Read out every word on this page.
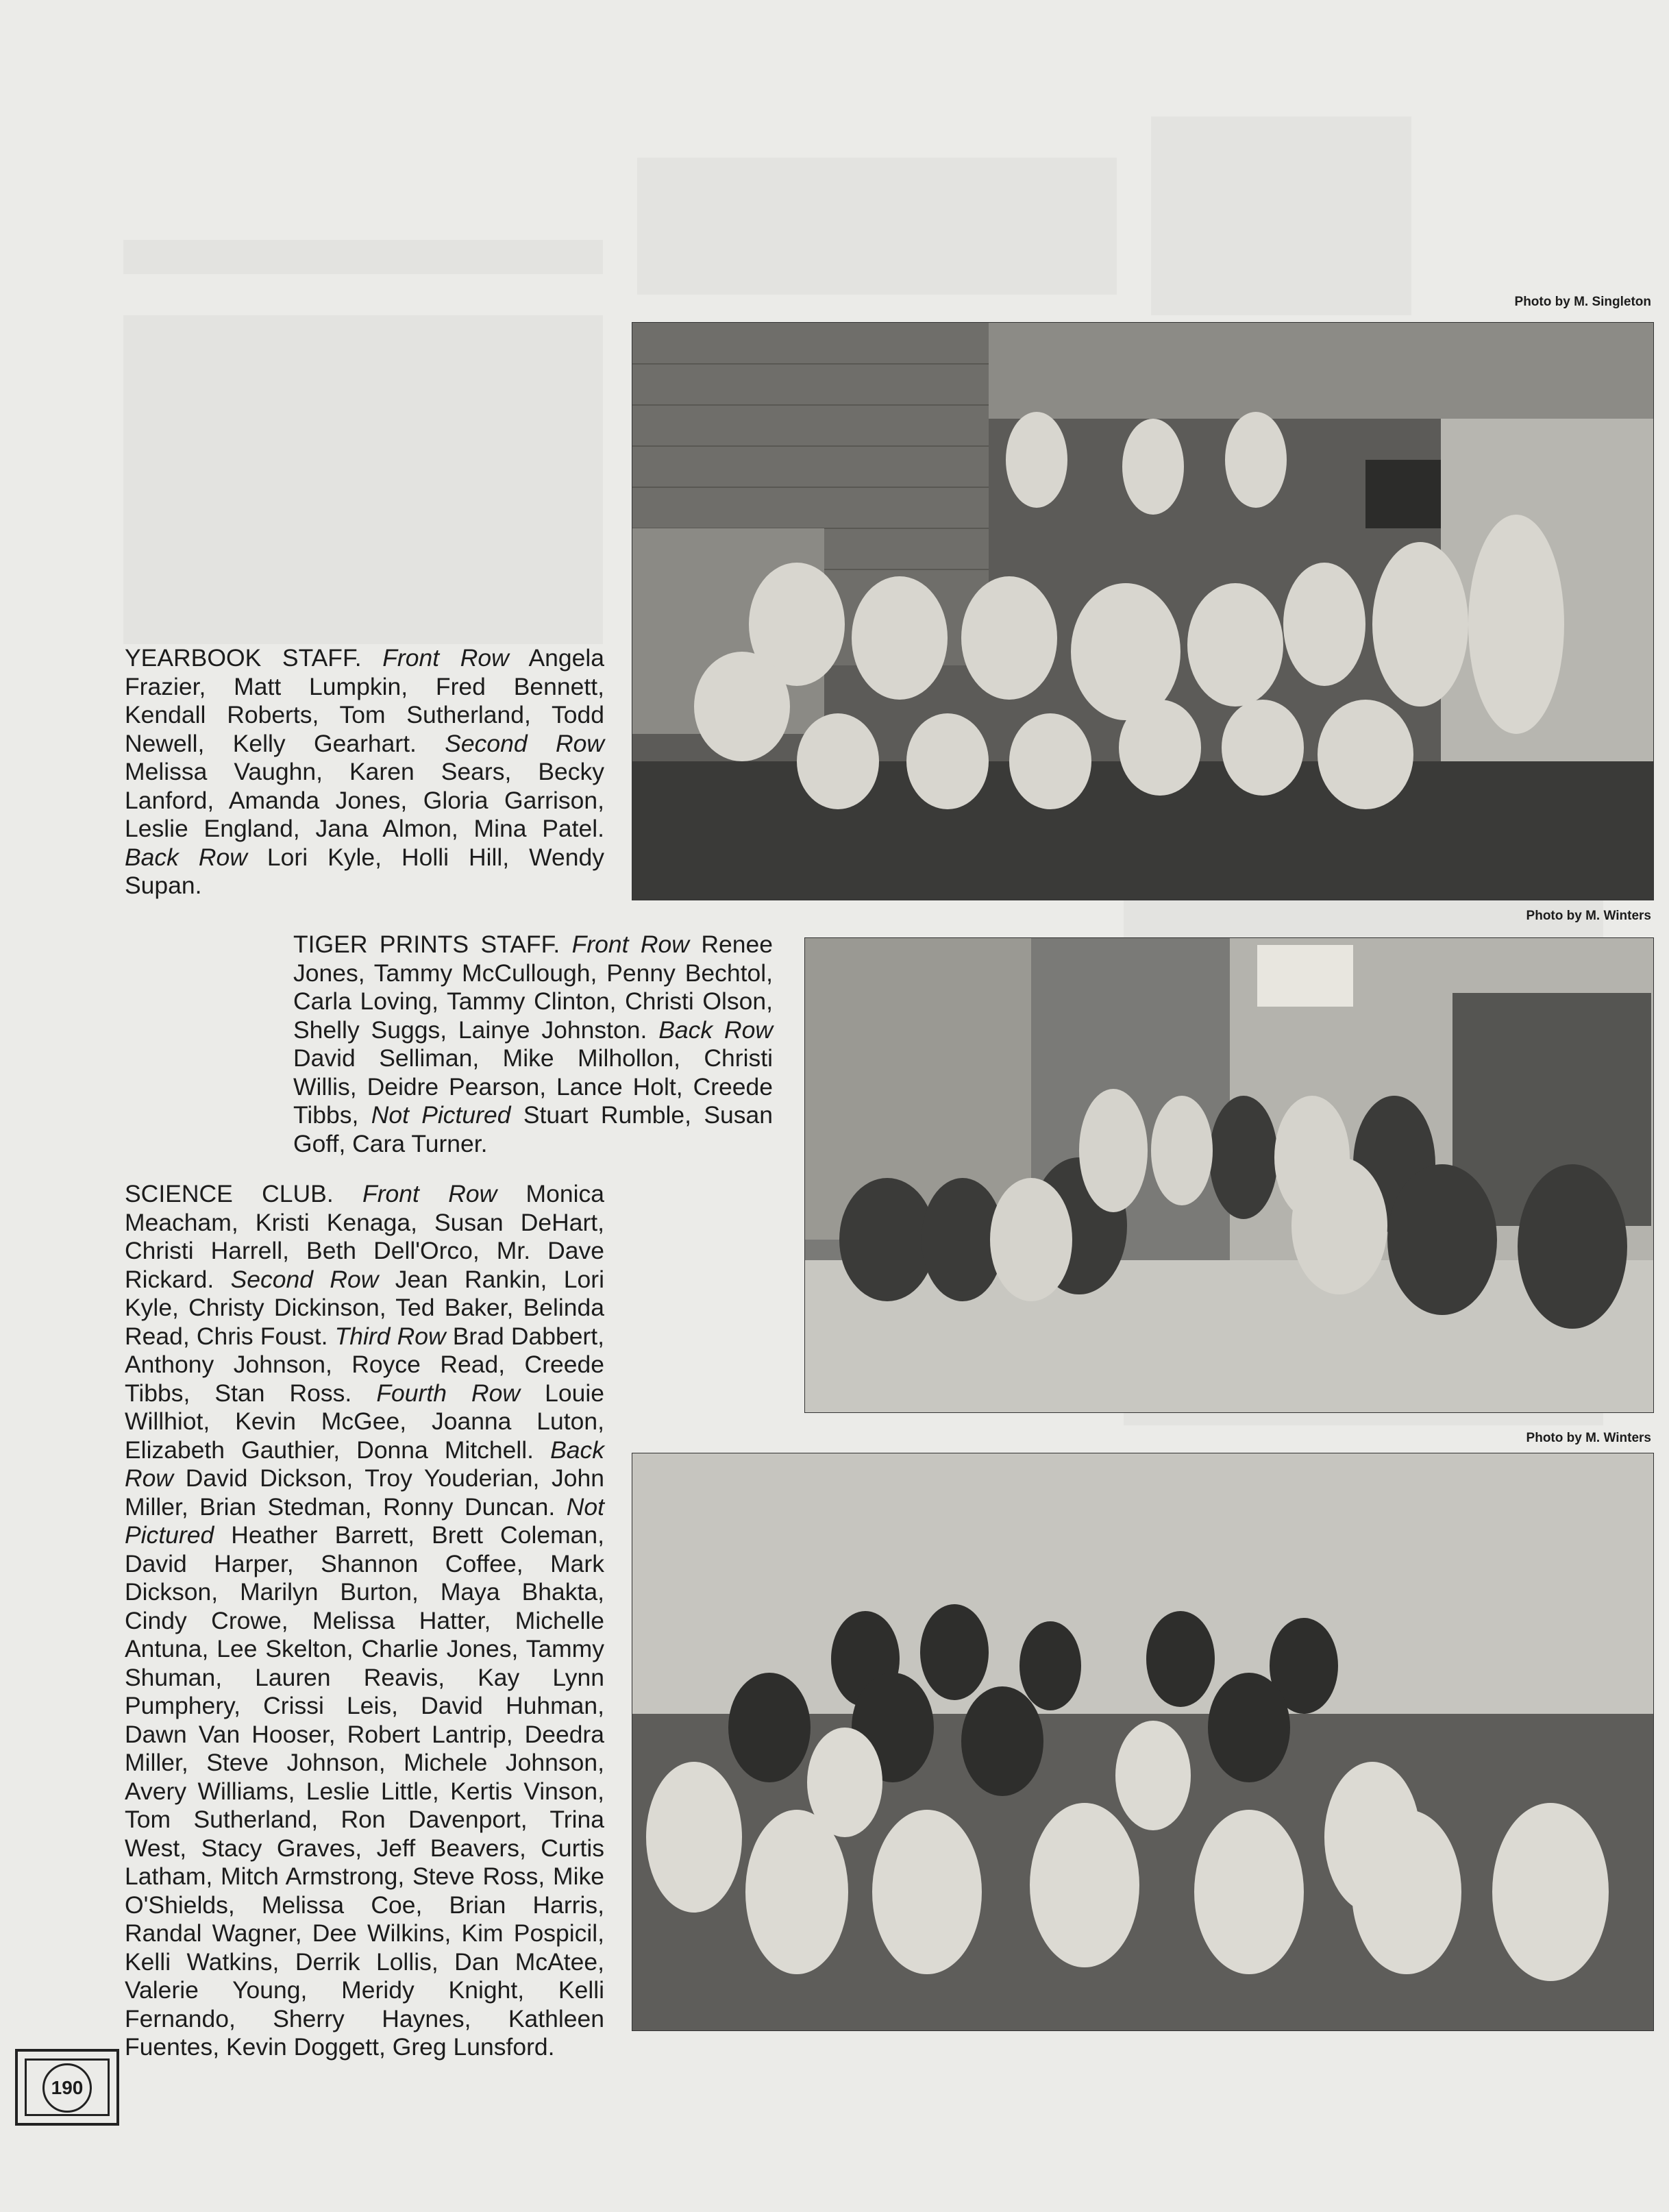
Photo by M. Singleton
YEARBOOK STAFF. Front Row Angela Frazier, Matt Lumpkin, Fred Bennett, Kendall Roberts, Tom Sutherland, Todd Newell, Kelly Gearhart. Second Row Melissa Vaughn, Karen Sears, Becky Lanford, Amanda Jones, Gloria Garrison, Leslie England, Jana Almon, Mina Patel. Back Row Lori Kyle, Holli Hill, Wendy Supan.
Photo by M. Winters
TIGER PRINTS STAFF. Front Row Renee Jones, Tammy McCullough, Penny Bechtol, Carla Loving, Tammy Clinton, Christi Olson, Shelly Suggs, Lainye Johnston. Back Row David Selliman, Mike Milhollon, Christi Willis, Deidre Pearson, Lance Holt, Creede Tibbs, Not Pictured Stuart Rumble, Susan Goff, Cara Turner.
Photo by M. Winters
SCIENCE CLUB. Front Row Monica Meacham, Kristi Kenaga, Susan DeHart, Christi Harrell, Beth Dell'Orco, Mr. Dave Rickard. Second Row Jean Rankin, Lori Kyle, Christy Dickinson, Ted Baker, Belinda Read, Chris Foust. Third Row Brad Dabbert, Anthony Johnson, Royce Read, Creede Tibbs, Stan Ross. Fourth Row Louie Willhiot, Kevin McGee, Joanna Luton, Elizabeth Gauthier, Donna Mitchell. Back Row David Dickson, Troy Youderian, John Miller, Brian Stedman, Ronny Duncan. Not Pictured Heather Barrett, Brett Coleman, David Harper, Shannon Coffee, Mark Dickson, Marilyn Burton, Maya Bhakta, Cindy Crowe, Melissa Hatter, Michelle Antuna, Lee Skelton, Charlie Jones, Tammy Shuman, Lauren Reavis, Kay Lynn Pumphery, Crissi Leis, David Huhman, Dawn Van Hooser, Robert Lantrip, Deedra Miller, Steve Johnson, Michele Johnson, Avery Williams, Leslie Little, Kertis Vinson, Tom Sutherland, Ron Davenport, Trina West, Stacy Graves, Jeff Beavers, Curtis Latham, Mitch Armstrong, Steve Ross, Mike O'Shields, Melissa Coe, Brian Harris, Randal Wagner, Dee Wilkins, Kim Pospicil, Kelli Watkins, Derrik Lollis, Dan McAtee, Valerie Young, Meridy Knight, Kelli Fernando, Sherry Haynes, Kathleen Fuentes, Kevin Doggett, Greg Lunsford.
190
